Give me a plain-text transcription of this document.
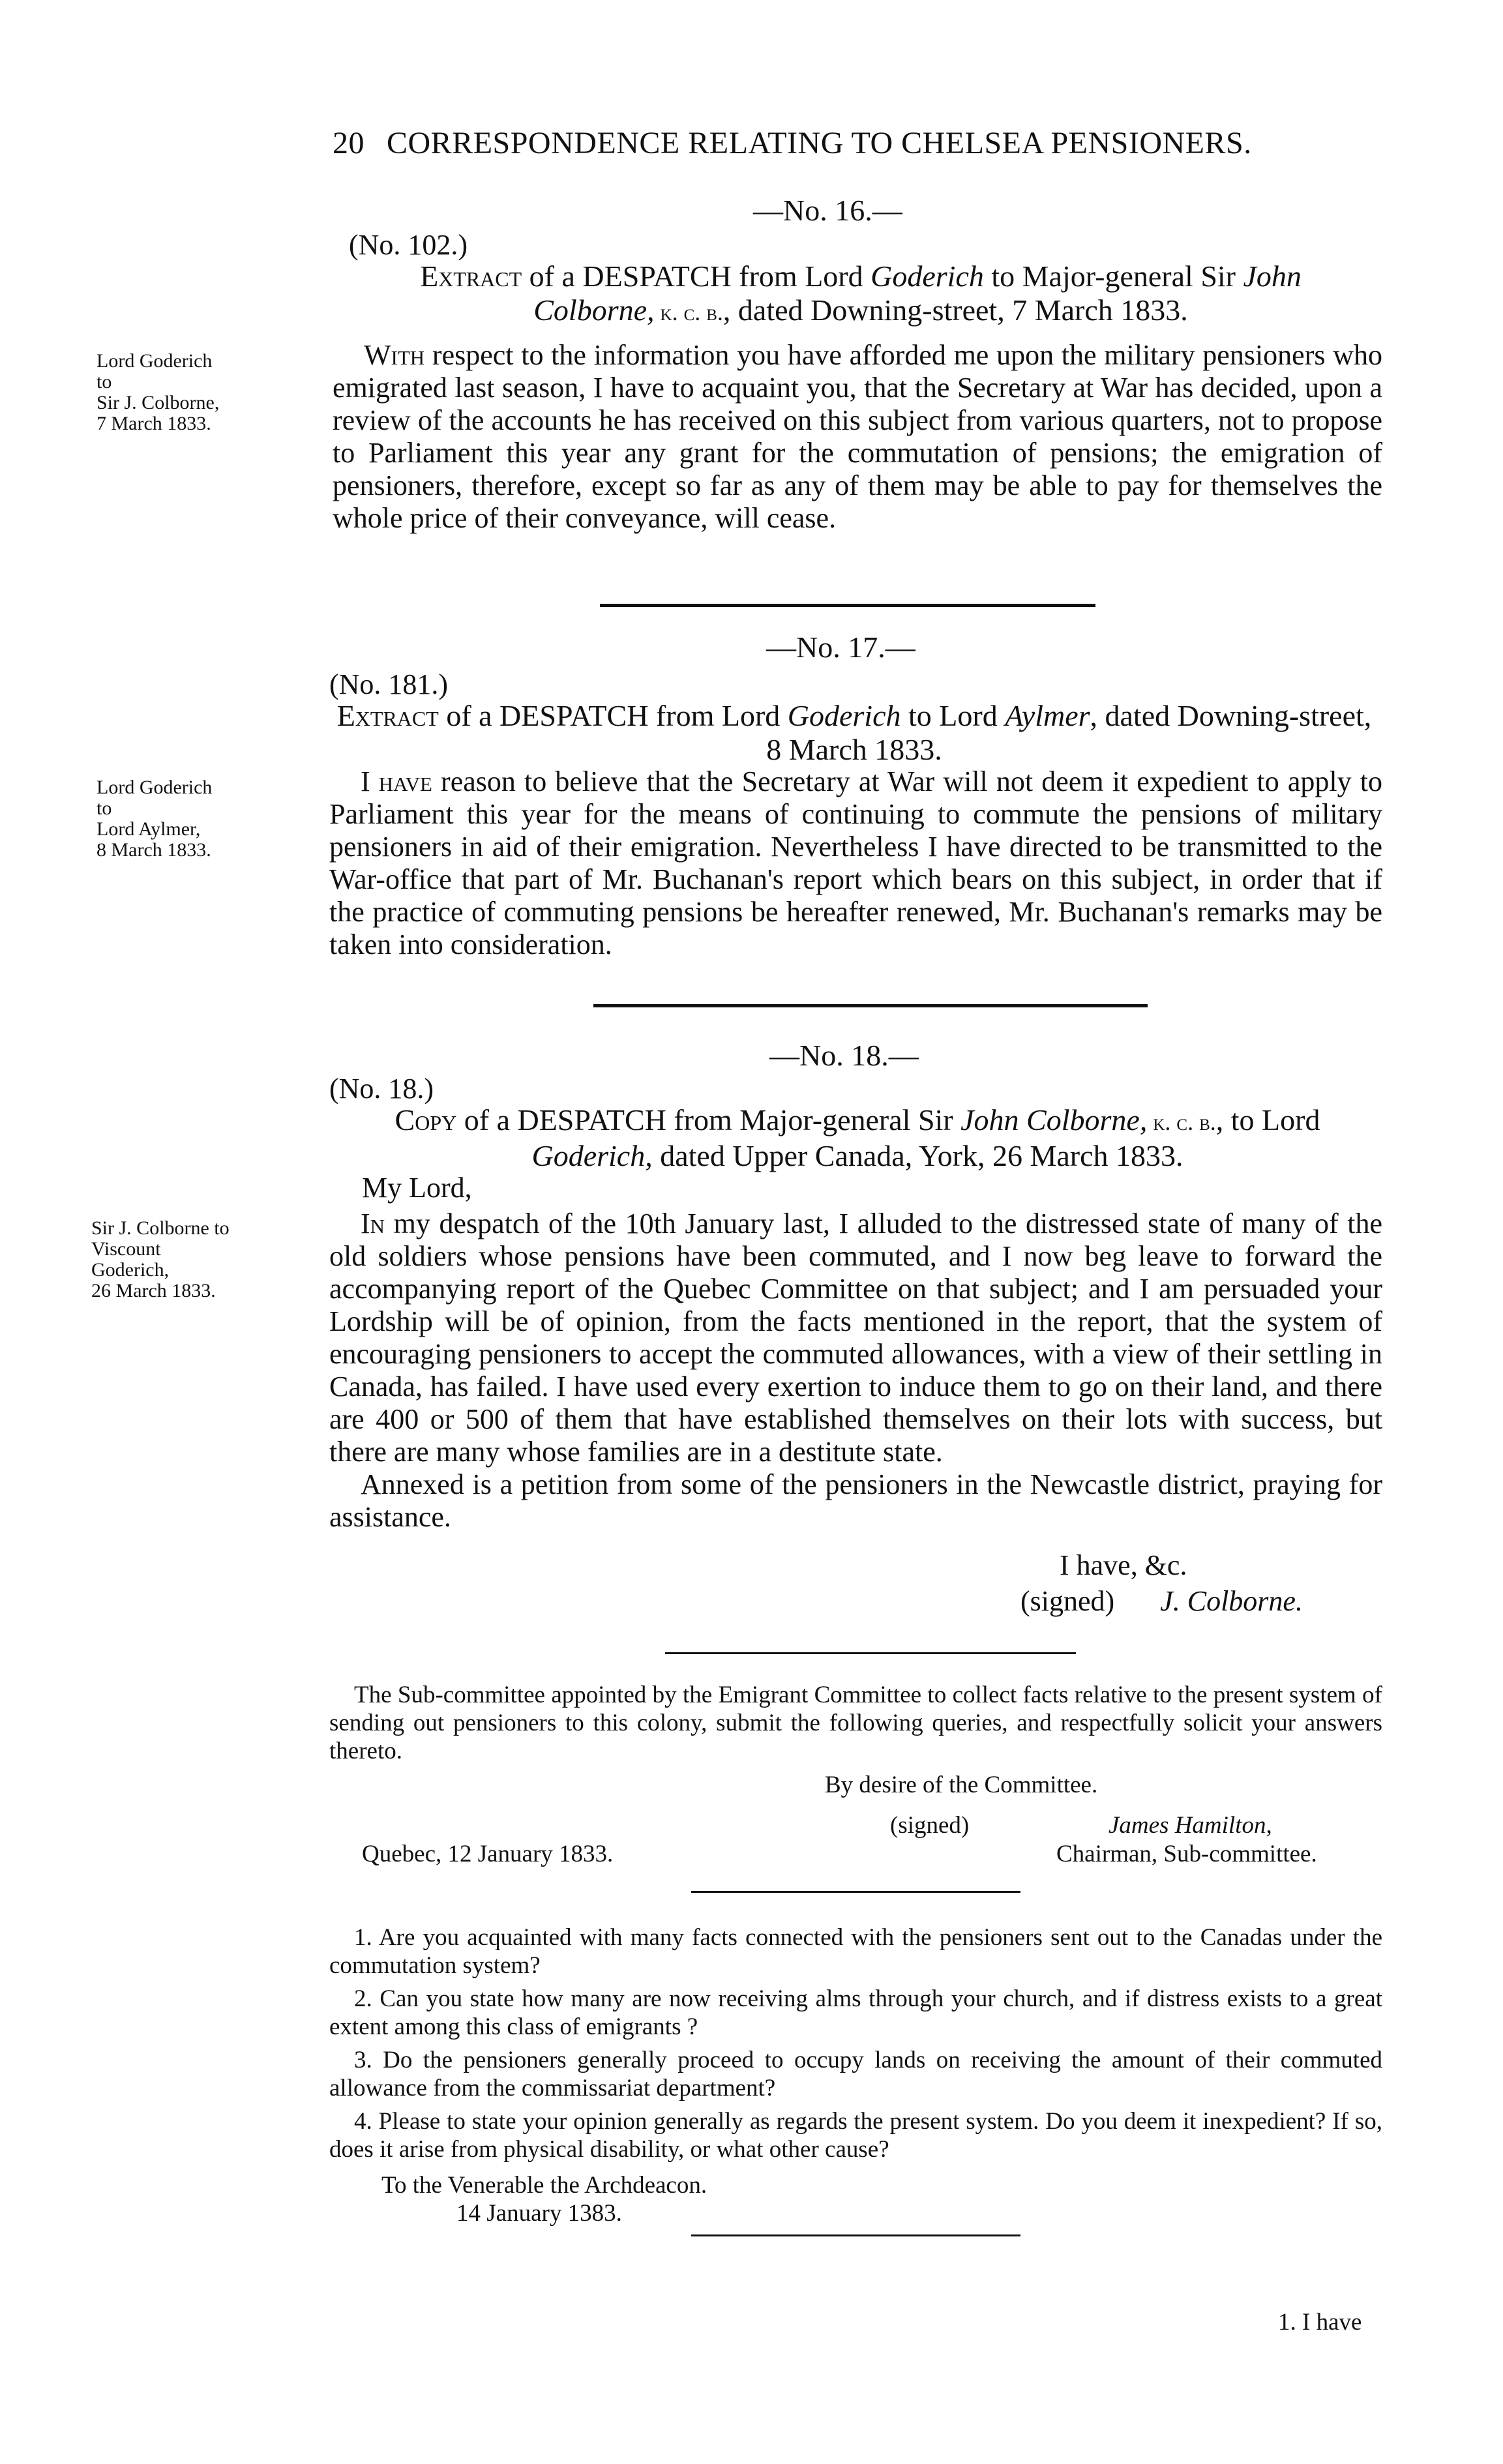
20 CORRESPONDENCE RELATING TO CHELSEA PENSIONERS.
—No. 16.—
(No. 102.)
Extract of a DESPATCH from Lord Goderich to Major-general Sir John
Colborne, k. c. b., dated Downing-street, 7 March 1833.
Lord Goderich to
Sir J. Colborne,
7 March 1833.

With respect to the information you have afforded me upon the military pensioners who emigrated last season, I have to acquaint you, that the Secretary at War has decided, upon a review of the accounts he has received on this subject from various quarters, not to propose to Parliament this year any grant for the commutation of pensions; the emigration of pensioners, therefore, except so far as any of them may be able to pay for themselves the whole price of their conveyance, will cease.

—No. 17.—
(No. 181.)
Extract of a DESPATCH from Lord Goderich to Lord Aylmer, dated Downing-street, 8 March 1833.
Lord Goderich to
Lord Aylmer,
8 March 1833.

I have reason to believe that the Secretary at War will not deem it expedient to apply to Parliament this year for the means of continuing to commute the pensions of military pensioners in aid of their emigration. Nevertheless I have directed to be transmitted to the War-office that part of Mr. Buchanan's report which bears on this subject, in order that if the practice of commuting pensions be hereafter renewed, Mr. Buchanan's remarks may be taken into consideration.

—No. 18.—
(No. 18.)
Copy of a DESPATCH from Major-general Sir John Colborne, k. c. b., to Lord Goderich, dated Upper Canada, York, 26 March 1833.
My Lord,
Sir J. Colborne to
Viscount Goderich,
26 March 1833.

In my despatch of the 10th January last, I alluded to the distressed state of many of the old soldiers whose pensions have been commuted, and I now beg leave to forward the accompanying report of the Quebec Committee on that subject; and I am persuaded your Lordship will be of opinion, from the facts mentioned in the report, that the system of encouraging pensioners to accept the commuted allowances, with a view of their settling in Canada, has failed. I have used every exertion to induce them to go on their land, and there are 400 or 500 of them that have established themselves on their lots with success, but there are many whose families are in a destitute state.

Annexed is a petition from some of the pensioners in the Newcastle district, praying for assistance.

I have, &c.
(signed) J. Colborne.

The Sub-committee appointed by the Emigrant Committee to collect facts relative to the present system of sending out pensioners to this colony, submit the following queries, and respectfully solicit your answers thereto.

By desire of the Committee.
(signed)	James Hamilton,
Chairman, Sub-committee.
Quebec, 12 January 1833.

1. Are you acquainted with many facts connected with the pensioners sent out to the Canadas under the commutation system?

2. Can you state how many are now receiving alms through your church, and if distress exists to a great extent among this class of emigrants ?

3. Do the pensioners generally proceed to occupy lands on receiving the amount of their commuted allowance from the commissariat department?

4. Please to state your opinion generally as regards the present system. Do you deem it inexpedient? If so, does it arise from physical disability, or what other cause?

To the Venerable the Archdeacon.
14 January 1383.
1. I have
